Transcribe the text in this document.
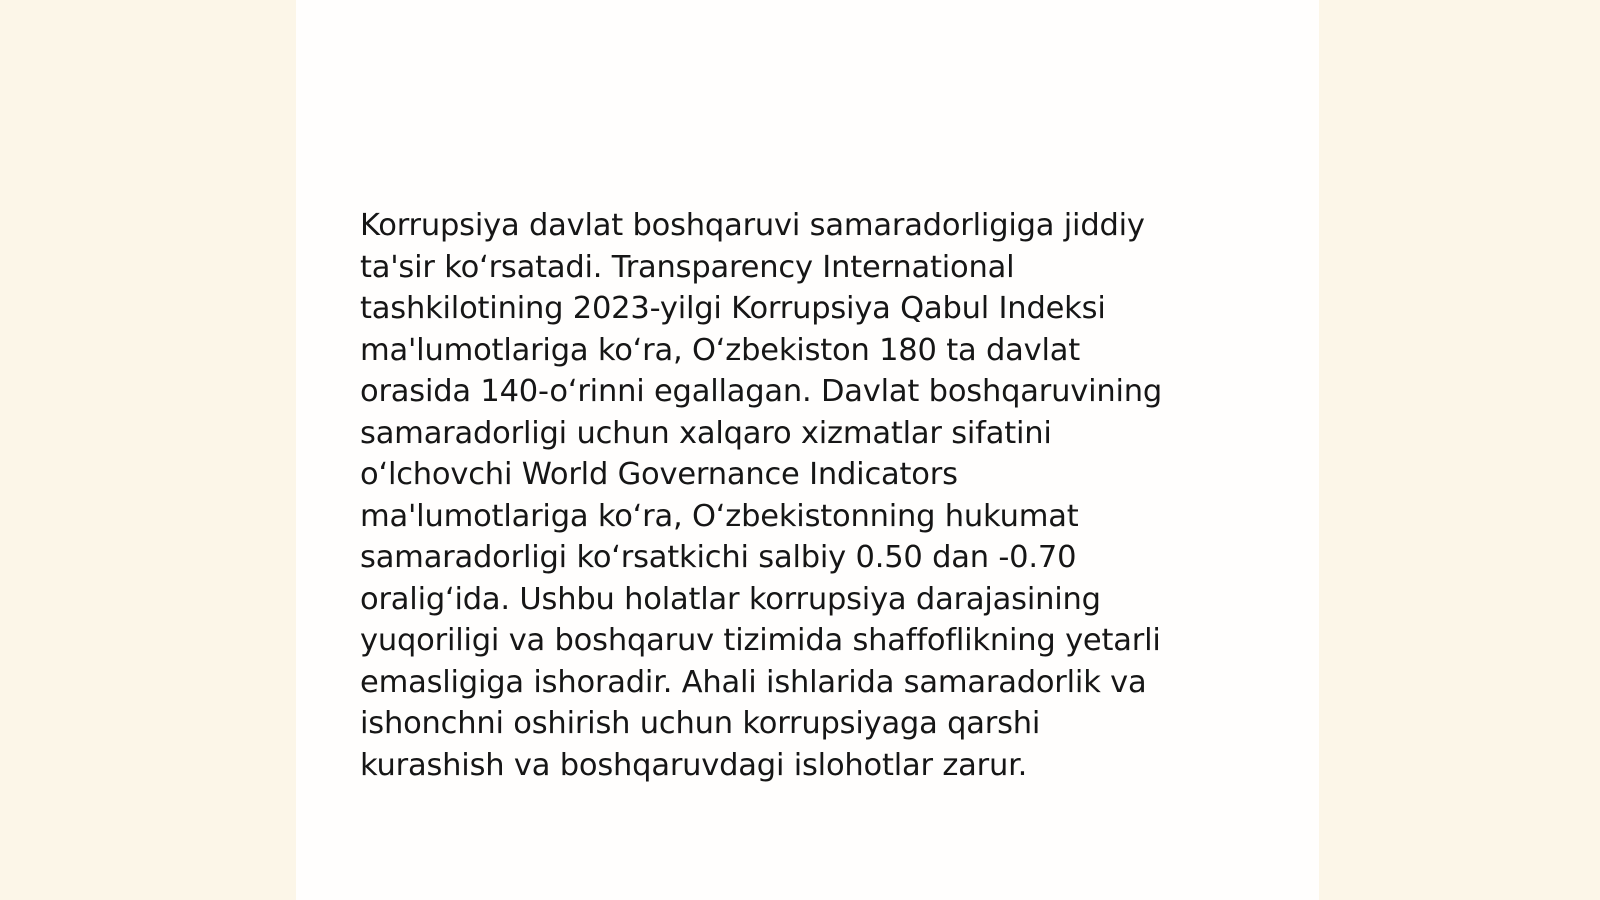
Korrupsiya davlat boshqaruvi samaradorligiga jiddiy
ta'sir koʻrsatadi. Transparency International
tashkilotining 2023-yilgi Korrupsiya Qabul Indeksi
ma'lumotlariga koʻra, Oʻzbekiston 180 ta davlat
orasida 140-oʻrinni egallagan. Davlat boshqaruvining
samaradorligi uchun xalqaro xizmatlar sifatini
oʻlchovchi World Governance Indicators
ma'lumotlariga koʻra, Oʻzbekistonning hukumat
samaradorligi koʻrsatkichi salbiy 0.50 dan -0.70
oraligʻida. Ushbu holatlar korrupsiya darajasining
yuqoriligi va boshqaruv tizimida shaffoflikning yetarli
emasligiga ishoradir. Ahali ishlarida samaradorlik va
ishonchni oshirish uchun korrupsiyaga qarshi
kurashish va boshqaruvdagi islohotlar zarur.
